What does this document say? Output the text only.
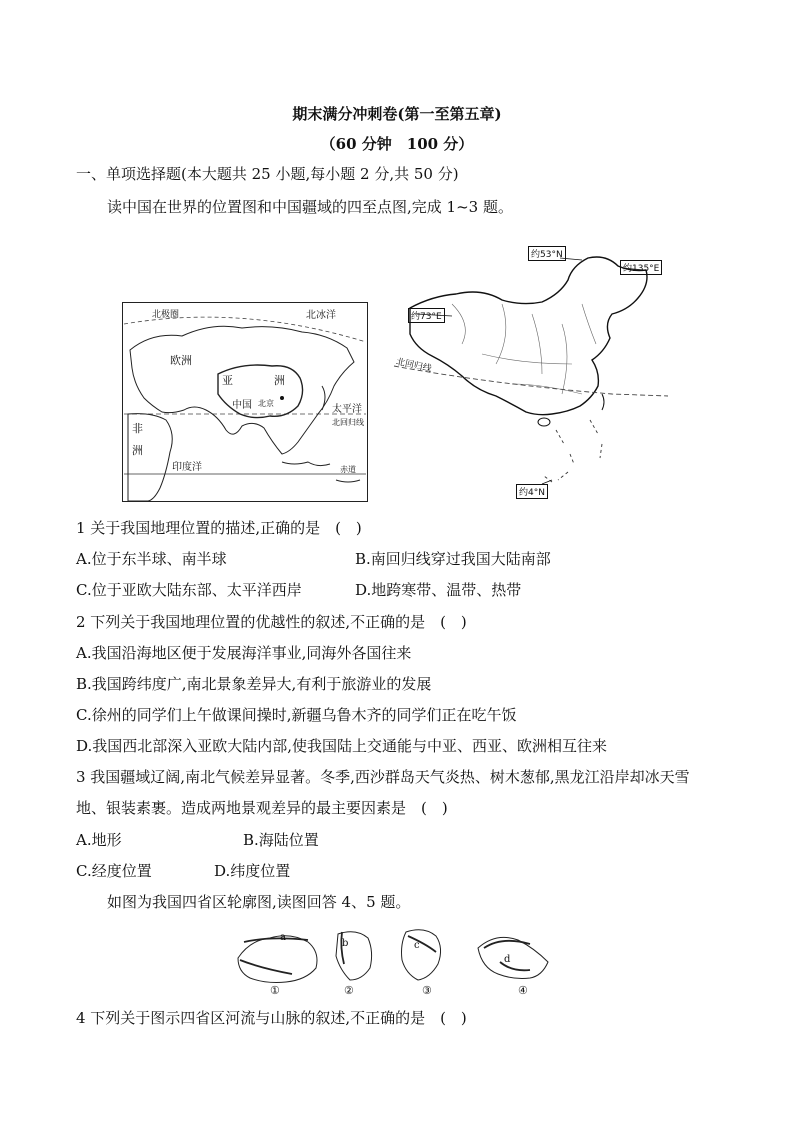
期末满分冲刺卷(第一至第五章)
（60 分钟　100 分）
一、单项选择题(本大题共 25 小题,每小题 2 分,共 50 分)
读中国在世界的位置图和中国疆域的四至点图,完成 1~3 题。
北极圈	北冰洋
欧洲
亚	洲
中国 北京
太平洋
北回归线
非
洲
印度洋	赤道
约53°N
约135°E
约73°E
约4°N
北回归线
1 关于我国地理位置的描述,正确的是　(　)
A.位于东半球、南半球	B.南回归线穿过我国大陆南部
C.位于亚欧大陆东部、太平洋西岸	D.地跨寒带、温带、热带
2 下列关于我国地理位置的优越性的叙述,不正确的是　(　)
A.我国沿海地区便于发展海洋事业,同海外各国往来
B.我国跨纬度广,南北景象差异大,有利于旅游业的发展
C.徐州的同学们上午做课间操时,新疆乌鲁木齐的同学们正在吃午饭
D.我国西北部深入亚欧大陆内部,使我国陆上交通能与中亚、西亚、欧洲相互往来
3 我国疆域辽阔,南北气候差异显著。冬季,西沙群岛天气炎热、树木葱郁,黑龙江沿岸却冰天雪
地、银装素裹。造成两地景观差异的最主要因素是　(　)
A.地形	B.海陆位置
C.经度位置	D.纬度位置
如图为我国四省区轮廓图,读图回答 4、5 题。
a
b	c
d
①	②	③	④
4 下列关于图示四省区河流与山脉的叙述,不正确的是　(　)
